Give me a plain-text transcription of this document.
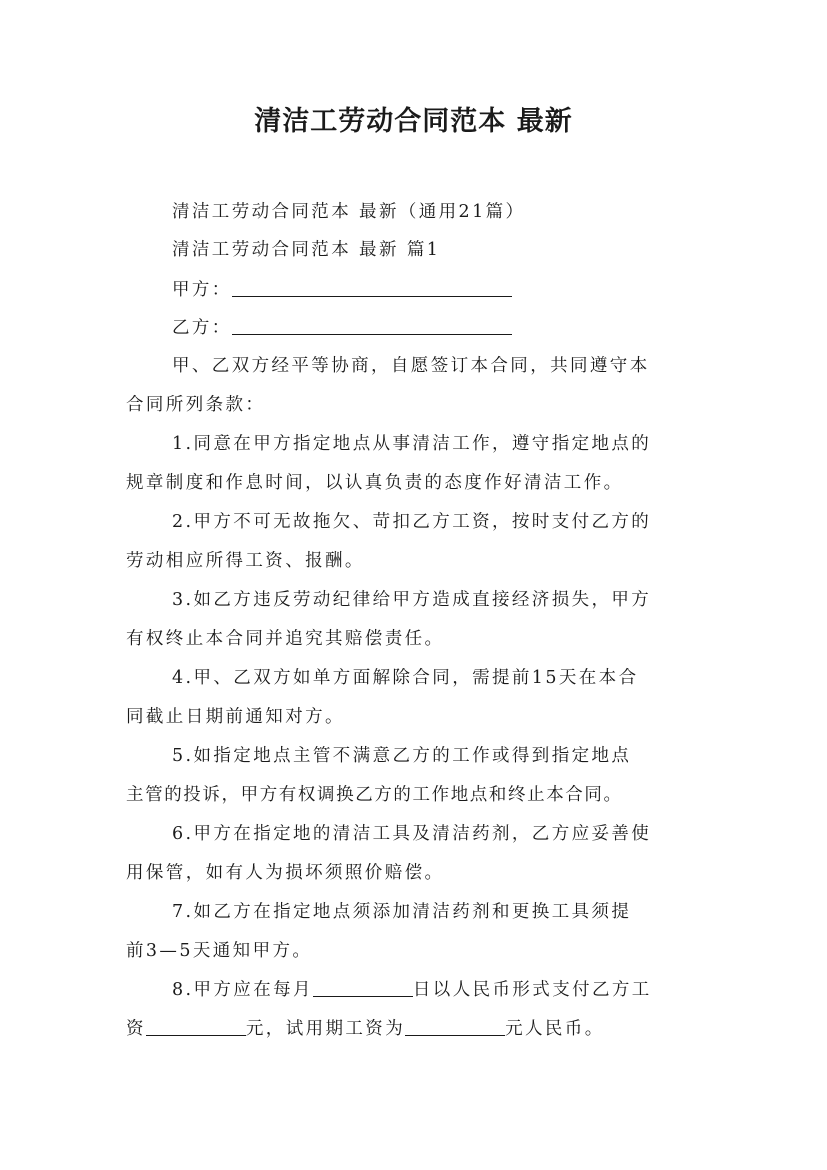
清洁工劳动合同范本 最新
清洁工劳动合同范本 最新（通用21篇）
清洁工劳动合同范本 最新 篇1
甲方：
乙方：
甲、乙双方经平等协商，自愿签订本合同，共同遵守本
合同所列条款：
1.同意在甲方指定地点从事清洁工作，遵守指定地点的
规章制度和作息时间，以认真负责的态度作好清洁工作。
2.甲方不可无故拖欠、苛扣乙方工资，按时支付乙方的
劳动相应所得工资、报酬。
3.如乙方违反劳动纪律给甲方造成直接经济损失，甲方
有权终止本合同并追究其赔偿责任。
4.甲、乙双方如单方面解除合同，需提前15天在本合
同截止日期前通知对方。
5.如指定地点主管不满意乙方的工作或得到指定地点
主管的投诉，甲方有权调换乙方的工作地点和终止本合同。
6.甲方在指定地的清洁工具及清洁药剂，乙方应妥善使
用保管，如有人为损坏须照价赔偿。
7.如乙方在指定地点须添加清洁药剂和更换工具须提
前3—5天通知甲方。
8.甲方应在每月	日以人民币形式支付乙方工
资	元，试用期工资为	元人民币。
